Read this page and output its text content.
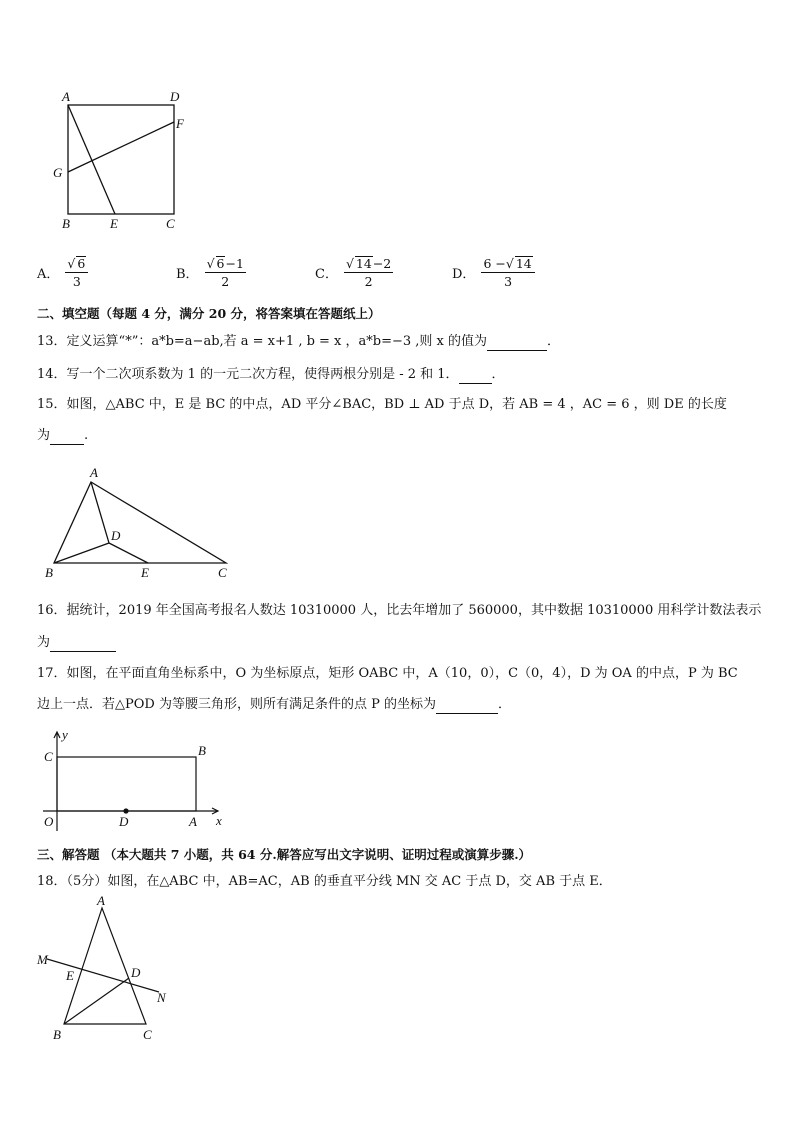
A	D
F
G
B	E	C
A． $\frac{√ 6}{3}$	B． $\frac{√ 6-1}{2}$	C． $\frac{√ 14-2}{2}$	D． $\frac{6 -√ 14}{3}$
二、填空题（每题 4 分，满分 20 分，将答案填在答题纸上）
13．定义运算“*”：a*b=a−ab,若 a = x+1 , b = x ，a*b=−3 ,则 x 的值为	．
14．写一个二次项系数为 1 的一元二次方程，使得两根分别是 - 2 和 1．	．
15．如图，△ABC 中，E 是 BC 的中点，AD 平分∠BAC，BD ⊥ AD 于点 D，若 AB = 4 ，AC = 6 ，则 DE 的长度
为	.
A
D
B	E	C
16．据统计，2019 年全国高考报名人数达 10310000 人，比去年增加了 560000，其中数据 10310000 用科学计数法表示
为
17．如图，在平面直角坐标系中，O 为坐标原点，矩形 OABC 中，A（10，0），C（0，4），D 为 OA 的中点，P 为 BC
边上一点．若△POD 为等腰三角形，则所有满足条件的点 P 的坐标为	．
y
x
C	B
O	D	A
三、解答题 （本大题共 7 小题，共 64 分.解答应写出文字说明、证明过程或演算步骤.）
18．（5分）如图，在△ABC 中，AB=AC，AB 的垂直平分线 MN 交 AC 于点 D，交 AB 于点 E．
A
M
E	D
N
B	C
